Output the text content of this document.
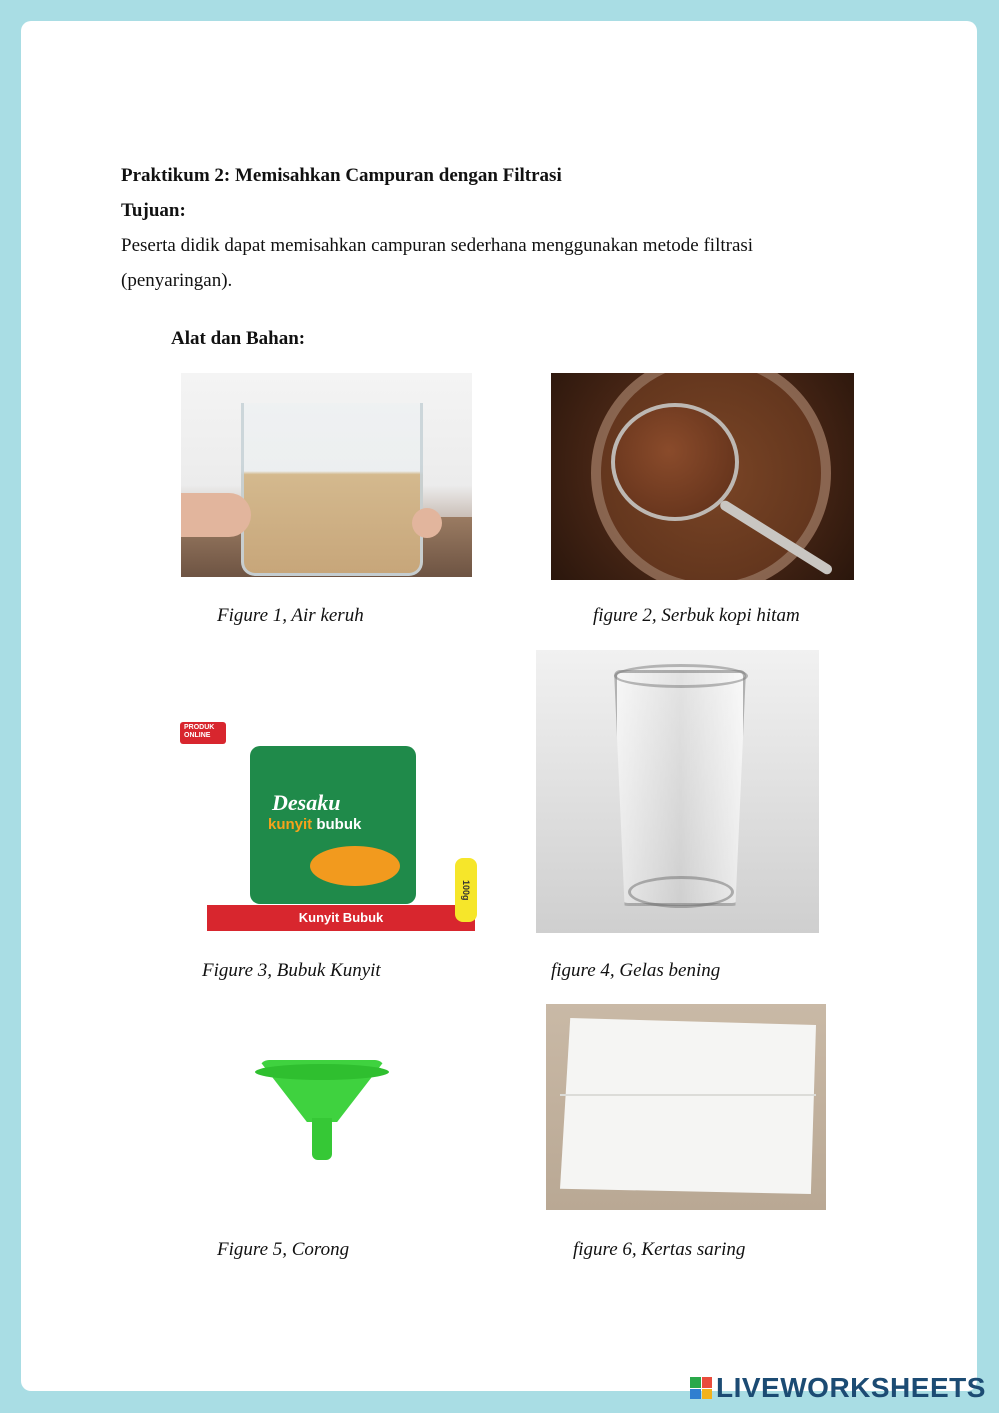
Praktikum 2: Memisahkan Campuran dengan Filtrasi
Tujuan:
Peserta didik dapat memisahkan campuran sederhana menggunakan metode filtrasi
(penyaringan).
Alat dan Bahan:
Figure 1, Air keruh	figure 2, Serbuk kopi hitam
PRODUK ONLINE
Desaku
kunyit bubuk
Kunyit Bubuk
100g
Figure 3, Bubuk Kunyit	figure 4, Gelas bening
Figure 5, Corong	figure 6, Kertas saring
LIVEWORKSHEETS
